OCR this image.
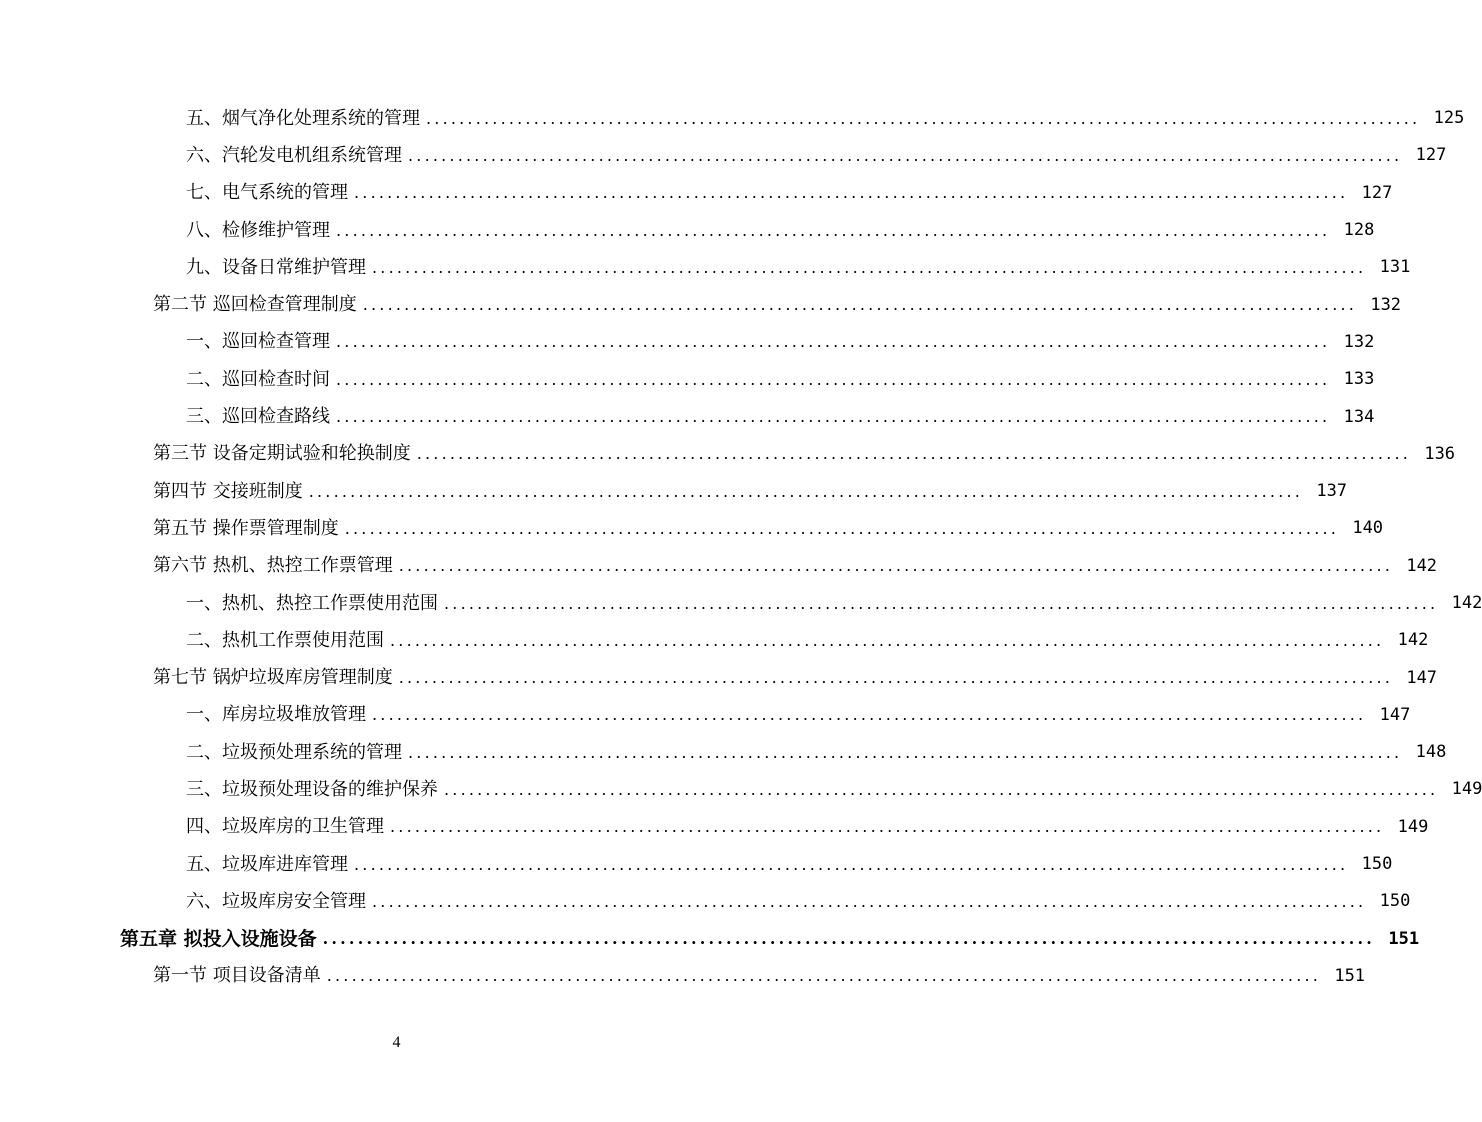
五、烟气净化处理系统的管理 ........................................................................................................................ 125
六、汽轮发电机组系统管理 ........................................................................................................................ 127
七、电气系统的管理 ........................................................................................................................ 127
八、检修维护管理 ........................................................................................................................ 128
九、设备日常维护管理 ........................................................................................................................ 131
第二节 巡回检查管理制度 ........................................................................................................................ 132
一、巡回检查管理 ........................................................................................................................ 132
二、巡回检查时间 ........................................................................................................................ 133
三、巡回检查路线 ........................................................................................................................ 134
第三节 设备定期试验和轮换制度 ........................................................................................................................ 136
第四节 交接班制度 ........................................................................................................................ 137
第五节 操作票管理制度 ........................................................................................................................ 140
第六节 热机、热控工作票管理 ........................................................................................................................ 142
一、热机、热控工作票使用范围 ........................................................................................................................ 142
二、热机工作票使用范围 ........................................................................................................................ 142
第七节 锅炉垃圾库房管理制度 ........................................................................................................................ 147
一、库房垃圾堆放管理 ........................................................................................................................ 147
二、垃圾预处理系统的管理 ........................................................................................................................ 148
三、垃圾预处理设备的维护保养 ........................................................................................................................ 149
四、垃圾库房的卫生管理 ........................................................................................................................ 149
五、垃圾库进库管理 ........................................................................................................................ 150
六、垃圾库房安全管理 ........................................................................................................................ 150
第五章 拟投入设施设备 ........................................................................................................................ 151
第一节 项目设备清单 ........................................................................................................................ 151
4
